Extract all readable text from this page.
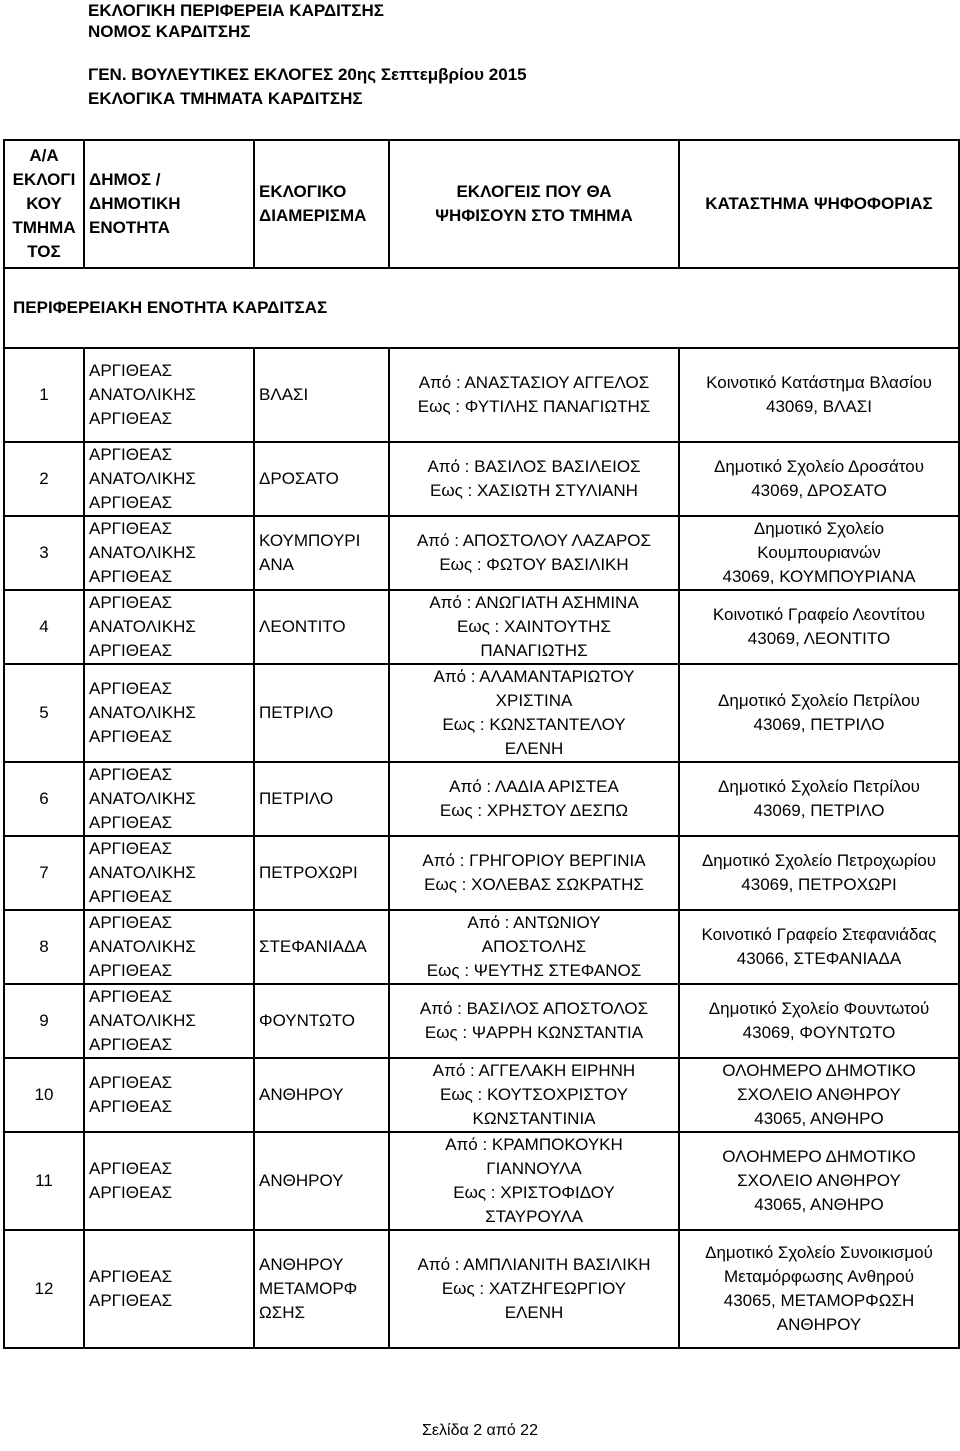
ΕΚΛΟΓΙΚΗ ΠΕΡΙΦΕΡΕΙΑ ΚΑΡΔΙΤΣΗΣ
ΝΟΜΟΣ ΚΑΡΔΙΤΣΗΣ
ΓΕΝ. ΒΟΥΛΕΥΤΙΚΕΣ ΕΚΛΟΓΕΣ 20ης Σεπτεμβρίου 2015
ΕΚΛΟΓΙΚΑ ΤΜΗΜΑΤΑ ΚΑΡΔΙΤΣΗΣ
Α/Α
ΕΚΛΟΓΙ
ΚΟΥ
ΤΜΗΜΑ
ΤΟΣ	ΔΗΜΟΣ /
ΔΗΜΟΤΙΚΗ
ΕΝΟΤΗΤΑ	ΕΚΛΟΓΙΚΟ
ΔΙΑΜΕΡΙΣΜΑ	ΕΚΛΟΓΕΙΣ ΠΟΥ ΘΑ
ΨΗΦΙΣΟΥΝ ΣΤΟ ΤΜΗΜΑ	ΚΑΤΑΣΤΗΜΑ ΨΗΦΟΦΟΡΙΑΣ
ΠΕΡΙΦΕΡΕΙΑΚΗ ΕΝΟΤΗΤΑ ΚΑΡΔΙΤΣΑΣ				
1	ΑΡΓΙΘΕΑΣ
ΑΝΑΤΟΛΙΚΗΣ
ΑΡΓΙΘΕΑΣ	ΒΛΑΣΙ	Από : ΑΝΑΣΤΑΣΙΟΥ ΑΓΓΕΛΟΣ
Εως : ΦΥΤΙΛΗΣ ΠΑΝΑΓΙΩΤΗΣ	Κοινοτικό Κατάστημα Βλασίου
43069, ΒΛΑΣΙ
2	ΑΡΓΙΘΕΑΣ
ΑΝΑΤΟΛΙΚΗΣ
ΑΡΓΙΘΕΑΣ	ΔΡΟΣΑΤΟ	Από : ΒΑΣΙΛΟΣ ΒΑΣΙΛΕΙΟΣ
Εως : ΧΑΣΙΩΤΗ ΣΤΥΛΙΑΝΗ	Δημοτικό Σχολείο Δροσάτου
43069, ΔΡΟΣΑΤΟ
3	ΑΡΓΙΘΕΑΣ
ΑΝΑΤΟΛΙΚΗΣ
ΑΡΓΙΘΕΑΣ	ΚΟΥΜΠΟΥΡΙ
ΑΝΑ	Από : ΑΠΟΣΤΟΛΟΥ ΛΑΖΑΡΟΣ
Εως : ΦΩΤΟΥ ΒΑΣΙΛΙΚΗ	Δημοτικό Σχολείο
Κουμπουριανών
43069, ΚΟΥΜΠΟΥΡΙΑΝΑ
4	ΑΡΓΙΘΕΑΣ
ΑΝΑΤΟΛΙΚΗΣ
ΑΡΓΙΘΕΑΣ	ΛΕΟΝΤΙΤΟ	Από : ΑΝΩΓΙΑΤΗ ΑΣΗΜΙΝΑ
Εως : ΧΑΙΝΤΟΥΤΗΣ
ΠΑΝΑΓΙΩΤΗΣ	Κοινοτικό Γραφείο Λεοντίτου
43069, ΛΕΟΝΤΙΤΟ
5	ΑΡΓΙΘΕΑΣ
ΑΝΑΤΟΛΙΚΗΣ
ΑΡΓΙΘΕΑΣ	ΠΕΤΡΙΛΟ	Από : ΑΛΑΜΑΝΤΑΡΙΩΤΟΥ
ΧΡΙΣΤΙΝΑ
Εως : ΚΩΝΣΤΑΝΤΕΛΟΥ
ΕΛΕΝΗ	Δημοτικό Σχολείο Πετρίλου
43069, ΠΕΤΡΙΛΟ
6	ΑΡΓΙΘΕΑΣ
ΑΝΑΤΟΛΙΚΗΣ
ΑΡΓΙΘΕΑΣ	ΠΕΤΡΙΛΟ	Από : ΛΑΔΙΑ ΑΡΙΣΤΕΑ
Εως : ΧΡΗΣΤΟΥ ΔΕΣΠΩ	Δημοτικό Σχολείο Πετρίλου
43069, ΠΕΤΡΙΛΟ
7	ΑΡΓΙΘΕΑΣ
ΑΝΑΤΟΛΙΚΗΣ
ΑΡΓΙΘΕΑΣ	ΠΕΤΡΟΧΩΡΙ	Από : ΓΡΗΓΟΡΙΟΥ ΒΕΡΓΙΝΙΑ
Εως : ΧΟΛΕΒΑΣ ΣΩΚΡΑΤΗΣ	Δημοτικό Σχολείο Πετροχωρίου
43069, ΠΕΤΡΟΧΩΡΙ
8	ΑΡΓΙΘΕΑΣ
ΑΝΑΤΟΛΙΚΗΣ
ΑΡΓΙΘΕΑΣ	ΣΤΕΦΑΝΙΑΔΑ	Από : ΑΝΤΩΝΙΟΥ
ΑΠΟΣΤΟΛΗΣ
Εως : ΨΕΥΤΗΣ ΣΤΕΦΑΝΟΣ	Κοινοτικό Γραφείο Στεφανιάδας
43066, ΣΤΕΦΑΝΙΑΔΑ
9	ΑΡΓΙΘΕΑΣ
ΑΝΑΤΟΛΙΚΗΣ
ΑΡΓΙΘΕΑΣ	ΦΟΥΝΤΩΤΟ	Από : ΒΑΣΙΛΟΣ ΑΠΟΣΤΟΛΟΣ
Εως : ΨΑΡΡΗ ΚΩΝΣΤΑΝΤΙΑ	Δημοτικό Σχολείο Φουντωτού
43069, ΦΟΥΝΤΩΤΟ
10	ΑΡΓΙΘΕΑΣ
ΑΡΓΙΘΕΑΣ	ΑΝΘΗΡΟΥ	Από : ΑΓΓΕΛΑΚΗ ΕΙΡΗΝΗ
Εως : ΚΟΥΤΣΟΧΡΙΣΤΟΥ
ΚΩΝΣΤΑΝΤΙΝΙΑ	ΟΛΟΗΜΕΡΟ ΔΗΜΟΤΙΚΟ
ΣΧΟΛΕΙΟ ΑΝΘΗΡΟΥ
43065, ΑΝΘΗΡΟ
11	ΑΡΓΙΘΕΑΣ
ΑΡΓΙΘΕΑΣ	ΑΝΘΗΡΟΥ	Από : ΚΡΑΜΠΟΚΟΥΚΗ
ΓΙΑΝΝΟΥΛΑ
Εως : ΧΡΙΣΤΟΦΙΔΟΥ
ΣΤΑΥΡΟΥΛΑ	ΟΛΟΗΜΕΡΟ ΔΗΜΟΤΙΚΟ
ΣΧΟΛΕΙΟ ΑΝΘΗΡΟΥ
43065, ΑΝΘΗΡΟ
12	ΑΡΓΙΘΕΑΣ
ΑΡΓΙΘΕΑΣ	ΑΝΘΗΡΟΥ
ΜΕΤΑΜΟΡΦ
ΩΣΗΣ	Από : ΑΜΠΛΙΑΝΙΤΗ ΒΑΣΙΛΙΚΗ
Εως : ΧΑΤΖΗΓΕΩΡΓΙΟΥ
ΕΛΕΝΗ	Δημοτικό Σχολείο Συνοικισμού
Μεταμόρφωσης Ανθηρού
43065, ΜΕΤΑΜΟΡΦΩΣΗ
ΑΝΘΗΡΟΥ
Σελίδα 2 από 22
